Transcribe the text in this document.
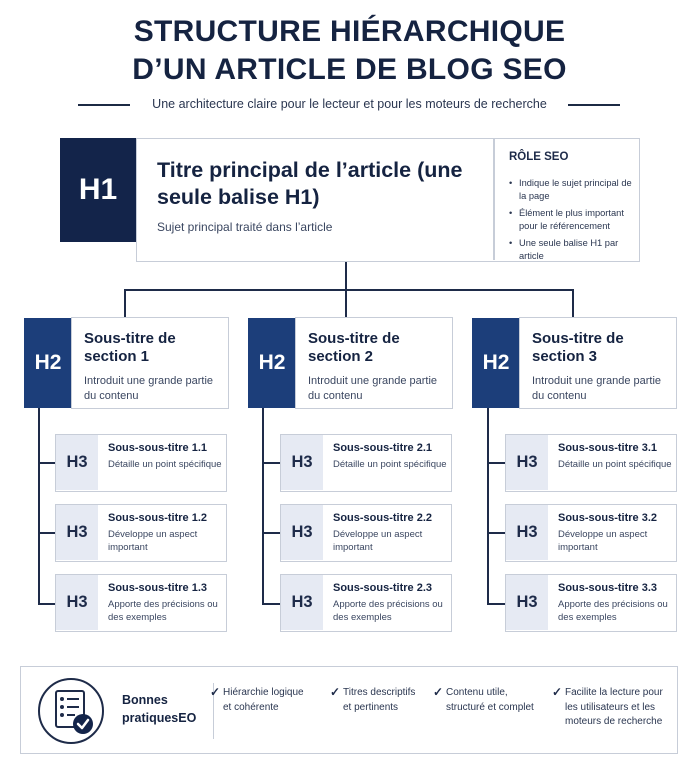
STRUCTURE HIÉRARCHIQUE
D’UN ARTICLE DE BLOG SEO
Une architecture claire pour le lecteur et pour les moteurs de recherche
Titre principal de l’article (une seule balise H1)
Sujet principal traité dans l’article
RÔLE SEO
• Indique le sujet principal de la page
• Élément le plus important pour le référencement
• Une seule balise H1 par article
H1
H2
Sous-titre de section 1
Introduit une grande partie du contenu
H3
Sous-sous-titre 1.1
Détaille un point spécifique
H3
Sous-sous-titre 1.2
Développe un aspect important
H3
Sous-sous-titre 1.3
Apporte des précisions ou des exemples
H2
Sous-titre de section 2
Introduit une grande partie du contenu
H3
Sous-sous-titre 2.1
Détaille un point spécifique
H3
Sous-sous-titre 2.2
Développe un aspect important
H3
Sous-sous-titre 2.3
Apporte des précisions ou des exemples
H2
Sous-titre de section 3
Introduit une grande partie du contenu
H3
Sous-sous-titre 3.1
Détaille un point spécifique
H3
Sous-sous-titre 3.2
Développe un aspect important
H3
Sous-sous-titre 3.3
Apporte des précisions ou des exemples
Bonnes pratiquesEO
✓ Hiérarchie logique et cohérente
✓ Titres descriptifs et pertinents
✓ Contenu utile, structuré et complet
✓ Facilite la lecture pour les utilisateurs et les moteurs de recherche
